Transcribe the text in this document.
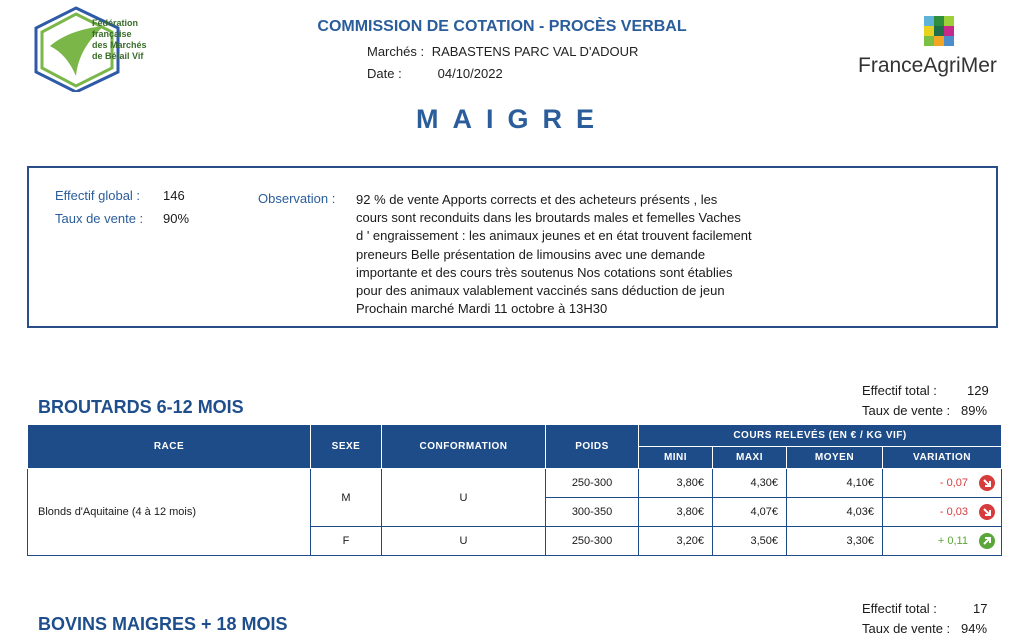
Fédération
française
des Marchés
de Bétail Vif	FranceAgriMer
COMMISSION DE COTATION - PROCÈS VERBAL
Marchés : RABASTENS PARC VAL D'ADOUR
Date :	04/10/2022
MAIGRE
Effectif global : 146
Taux de vente : 90%
Observation : 92 % de vente Apports corrects et des acheteurs présents , les
cours sont reconduits dans les broutards males et femelles Vaches
d ' engraissement : les animaux jeunes et en état trouvent facilement
preneurs Belle présentation de limousins avec une demande
importante et des cours très soutenus Nos cotations sont établies
pour des animaux valablement vaccinés sans déduction de jeun
Prochain marché Mardi 11 octobre à 13H30
BROUTARDS 6-12 MOIS
Effectif total : 129
Taux de vente : 89%
RACE	SEXE	CONFORMATION	POIDS	COURS RELEVÉS (EN € / KG VIF)			
				MINI	MAXI	MOYEN	VARIATION
Blonds d'Aquitaine (4 à 12 mois)	M	U	250-300	3,80€	4,30€	4,10€	- 0,07

			300-350	3,80€	4,07€	4,03€	- 0,03

	F	U	250-300	3,20€	3,50€	3,30€	+ 0,11
BOVINS MAIGRES + 18 MOIS
Effectif total :	17
Taux de vente : 94%
